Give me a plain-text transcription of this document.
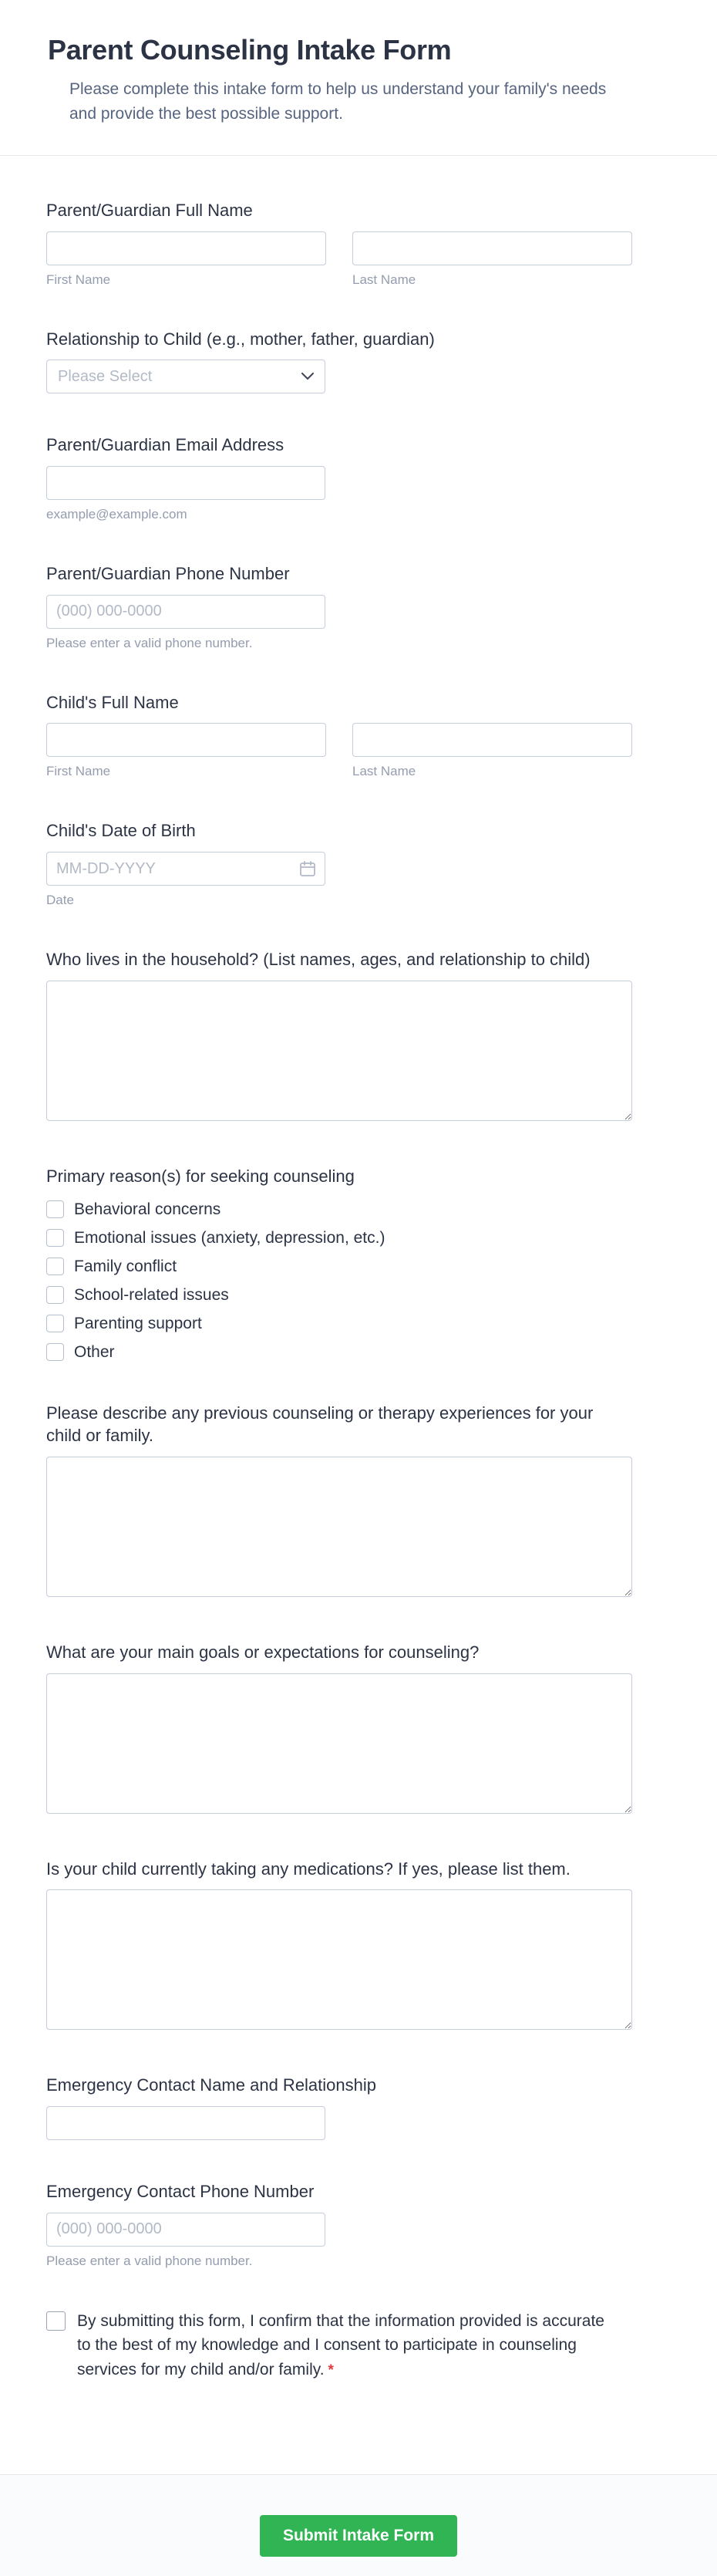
Parent Counseling Intake Form
Please complete this intake form to help us understand your family's needs and provide the best possible support.
Parent/Guardian Full Name
First Name	Last Name
Relationship to Child (e.g., mother, father, guardian)
Please Select
Parent/Guardian Email Address
example@example.com
Parent/Guardian Phone Number
(000) 000-0000
Please enter a valid phone number.
Child's Full Name
First Name	Last Name
Child's Date of Birth
MM-DD-YYYY
Date
Who lives in the household? (List names, ages, and relationship to child)
Primary reason(s) for seeking counseling
Behavioral concerns
Emotional issues (anxiety, depression, etc.)
Family conflict
School-related issues
Parenting support
Other
Please describe any previous counseling or therapy experiences for your child or family.
What are your main goals or expectations for counseling?
Is your child currently taking any medications? If yes, please list them.
Emergency Contact Name and Relationship
Emergency Contact Phone Number
(000) 000-0000
Please enter a valid phone number.
By submitting this form, I confirm that the information provided is accurate to the best of my knowledge and I consent to participate in counseling services for my child and/or family. *
Submit Intake Form
